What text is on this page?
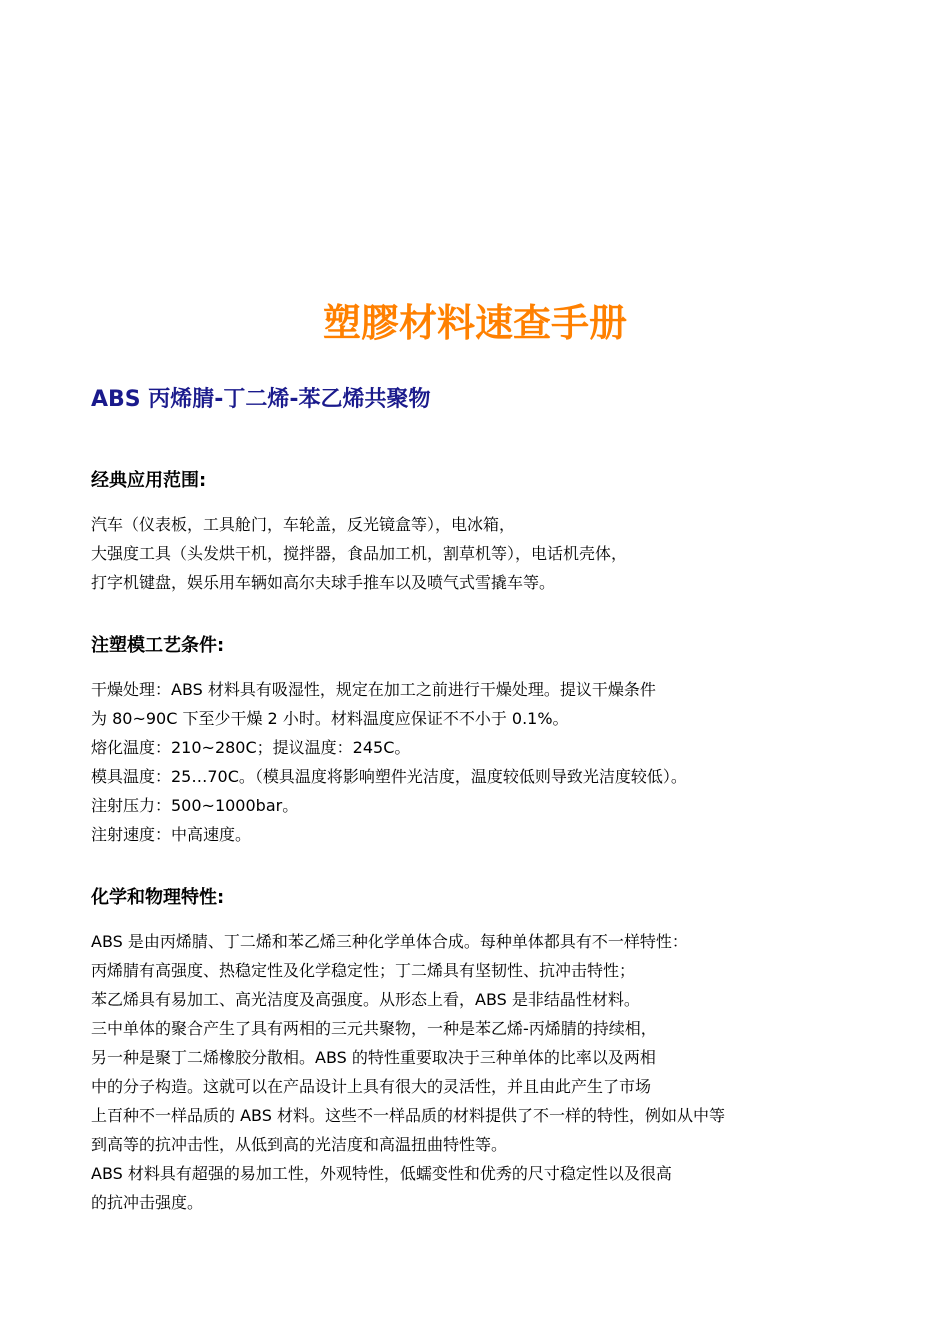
塑膠材料速查手册
ABS 丙烯腈-丁二烯-苯乙烯共聚物
经典应用范围:

汽车（仪表板，工具舱门，车轮盖，反光镜盒等），电冰箱，

大强度工具（头发烘干机，搅拌器，食品加工机，割草机等），电话机壳体，

打字机键盘，娱乐用车辆如高尔夫球手推车以及喷气式雪撬车等。

注塑模工艺条件:

干燥处理：ABS 材料具有吸湿性，规定在加工之前进行干燥处理。提议干燥条件

为 80~90C 下至少干燥 2 小时。材料温度应保证不不小于 0.1%。

熔化温度：210~280C；提议温度：245C。

模具温度：25…70C。（模具温度将影响塑件光洁度，温度较低则导致光洁度较低）。

注射压力：500~1000bar。

注射速度：中高速度。

化学和物理特性:

ABS 是由丙烯腈、丁二烯和苯乙烯三种化学单体合成。每种单体都具有不一样特性：

丙烯腈有高强度、热稳定性及化学稳定性；丁二烯具有坚韧性、抗冲击特性；

苯乙烯具有易加工、高光洁度及高强度。从形态上看，ABS 是非结晶性材料。

三中单体的聚合产生了具有两相的三元共聚物，一种是苯乙烯-丙烯腈的持续相，

另一种是聚丁二烯橡胶分散相。ABS 的特性重要取决于三种单体的比率以及两相

中的分子构造。这就可以在产品设计上具有很大的灵活性，并且由此产生了市场

上百种不一样品质的 ABS 材料。这些不一样品质的材料提供了不一样的特性，例如从中等

到高等的抗冲击性，从低到高的光洁度和高温扭曲特性等。

ABS 材料具有超强的易加工性，外观特性，低蠕变性和优秀的尺寸稳定性以及很高

的抗冲击强度。
